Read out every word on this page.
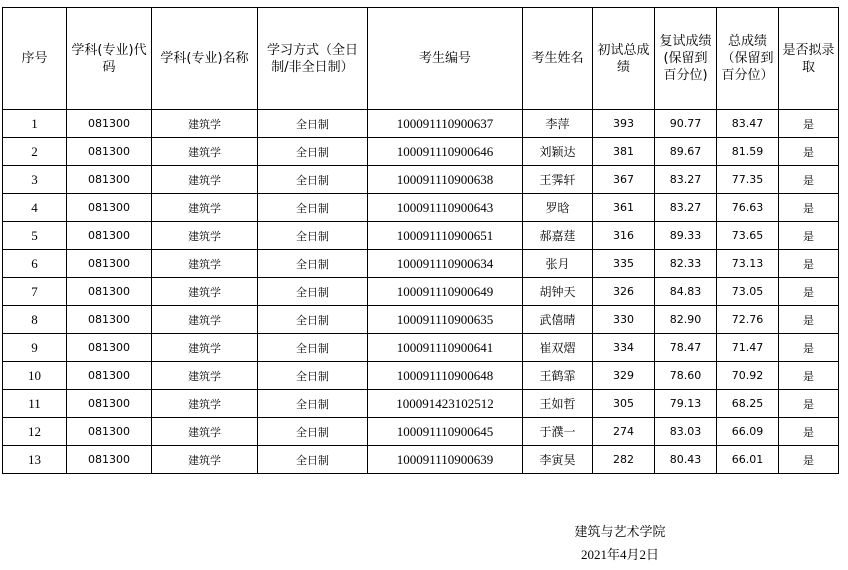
序号	学科(专业)代码	学科(专业)名称	学习方式（全日制/非全日制）	考生编号	考生姓名	初试总成绩	复试成绩(保留到百分位)	总成绩（保留到百分位）	是否拟录取
1	081300	建筑学	全日制	100091110900637	李萍	393	90.77	83.47	是
2	081300	建筑学	全日制	100091110900646	刘颖达	381	89.67	81.59	是
3	081300	建筑学	全日制	100091110900638	王霁轩	367	83.27	77.35	是
4	081300	建筑学	全日制	100091110900643	罗晗	361	83.27	76.63	是
5	081300	建筑学	全日制	100091110900651	郝嘉莛	316	89.33	73.65	是
6	081300	建筑学	全日制	100091110900634	张月	335	82.33	73.13	是
7	081300	建筑学	全日制	100091110900649	胡钟天	326	84.83	73.05	是
8	081300	建筑学	全日制	100091110900635	武僖晴	330	82.90	72.76	是
9	081300	建筑学	全日制	100091110900641	崔双熠	334	78.47	71.47	是
10	081300	建筑学	全日制	100091110900648	王鹤霏	329	78.60	70.92	是
11	081300	建筑学	全日制	100091423102512	王如哲	305	79.13	68.25	是
12	081300	建筑学	全日制	100091110900645	于濮一	274	83.03	66.09	是
13	081300	建筑学	全日制	100091110900639	李寅昊	282	80.43	66.01	是
建筑与艺术学院
2021年4月2日
